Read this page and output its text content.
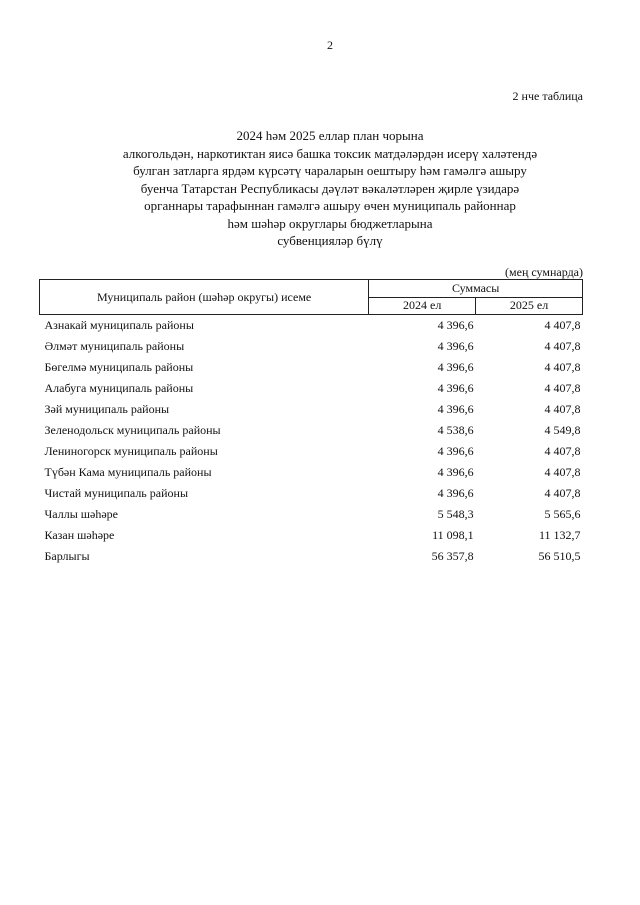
2
2 нче таблица
2024 һәм 2025 еллар план чорына
алкогольдән, наркотиктан яисә башка токсик матдәләрдән исерү халәтендә
булган затларга ярдәм күрсәтү чараларын оештыру һәм гамәлгә ашыру
буенча Татарстан Республикасы дәүләт вәкаләтләрен җирле үзидарә
органнары тарафыннан гамәлгә ашыру өчен муниципаль районнар
һәм шәһәр округлары бюджетларына
субвенцияләр бүлү
(мең сумнарда)
Муниципаль район (шәһәр округы) исеме	Суммасы	
	2024 ел	2025 ел
Азнакай муниципаль районы	4 396,6	4 407,8
Әлмәт муниципаль районы	4 396,6	4 407,8
Бөгелмә муниципаль районы	4 396,6	4 407,8
Алабуга муниципаль районы	4 396,6	4 407,8
Зәй муниципаль районы	4 396,6	4 407,8
Зеленодольск муниципаль районы	4 538,6	4 549,8
Лениногорск муниципаль районы	4 396,6	4 407,8
Түбән Кама муниципаль районы	4 396,6	4 407,8
Чистай муниципаль районы	4 396,6	4 407,8
Чаллы шәһәре	5 548,3	5 565,6
Казан шәһәре	11 098,1	11 132,7
Барлыгы	56 357,8	56 510,5
